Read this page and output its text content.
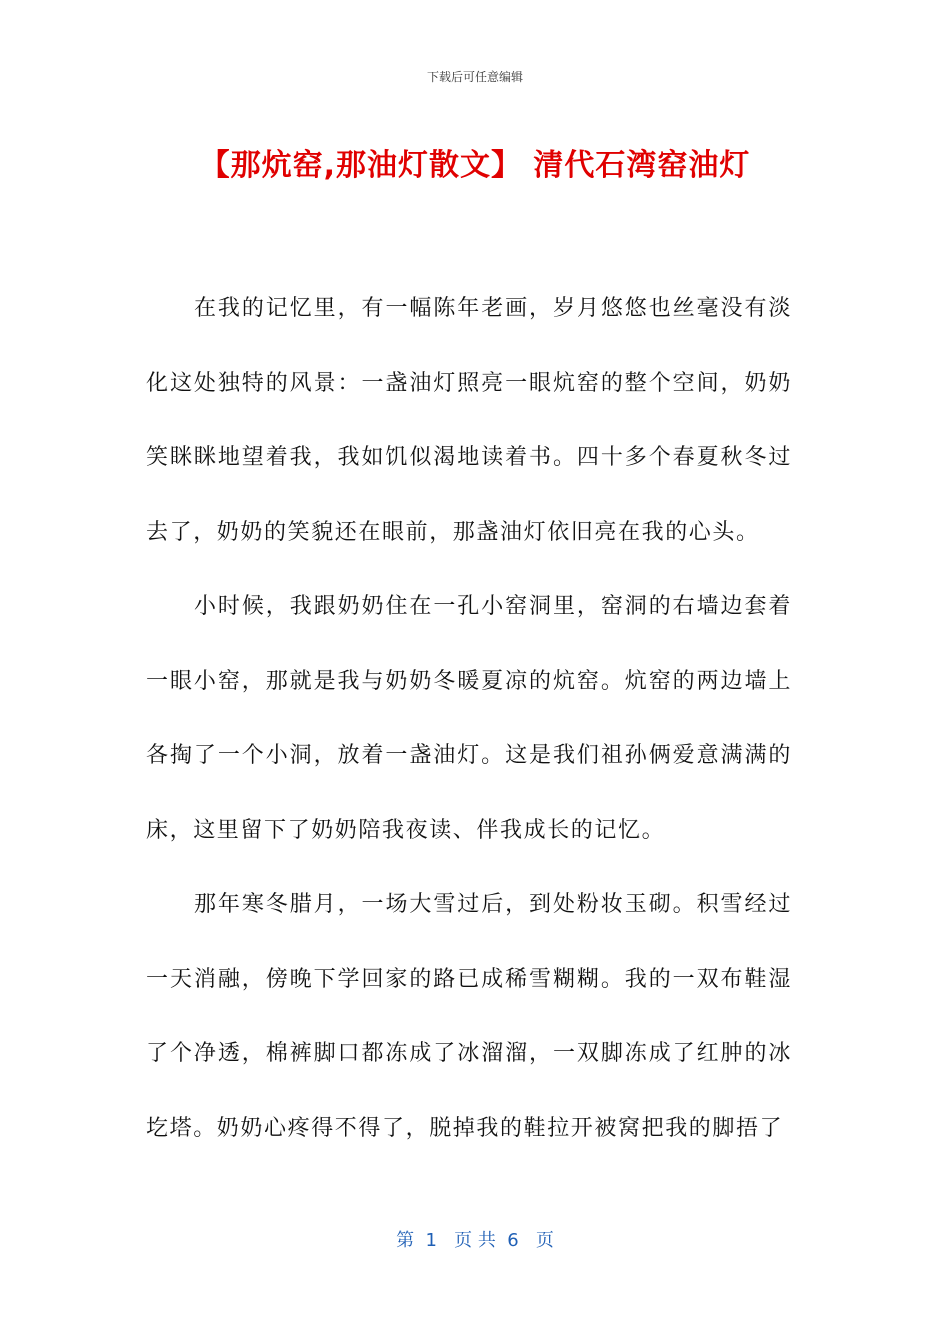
下载后可任意编辑
【那炕窑,那油灯散文】 清代石湾窑油灯

在我的记忆里，有一幅陈年老画，岁月悠悠也丝毫没有淡化这处独特的风景：一盏油灯照亮一眼炕窑的整个空间，奶奶笑眯眯地望着我，我如饥似渴地读着书。四十多个春夏秋冬过去了，奶奶的笑貌还在眼前，那盏油灯依旧亮在我的心头。

小时候，我跟奶奶住在一孔小窑洞里，窑洞的右墙边套着一眼小窑，那就是我与奶奶冬暖夏凉的炕窑。炕窑的两边墙上各掏了一个小洞，放着一盏油灯。这是我们祖孙俩爱意满满的床，这里留下了奶奶陪我夜读、伴我成长的记忆。

那年寒冬腊月，一场大雪过后，到处粉妆玉砌。积雪经过一天消融，傍晚下学回家的路已成稀雪糊糊。我的一双布鞋湿了个净透，棉裤脚口都冻成了冰溜溜，一双脚冻成了红肿的冰圪塔。奶奶心疼得不得了，脱掉我的鞋拉开被窝把我的脚捂了

第  1   页 共  6   页
